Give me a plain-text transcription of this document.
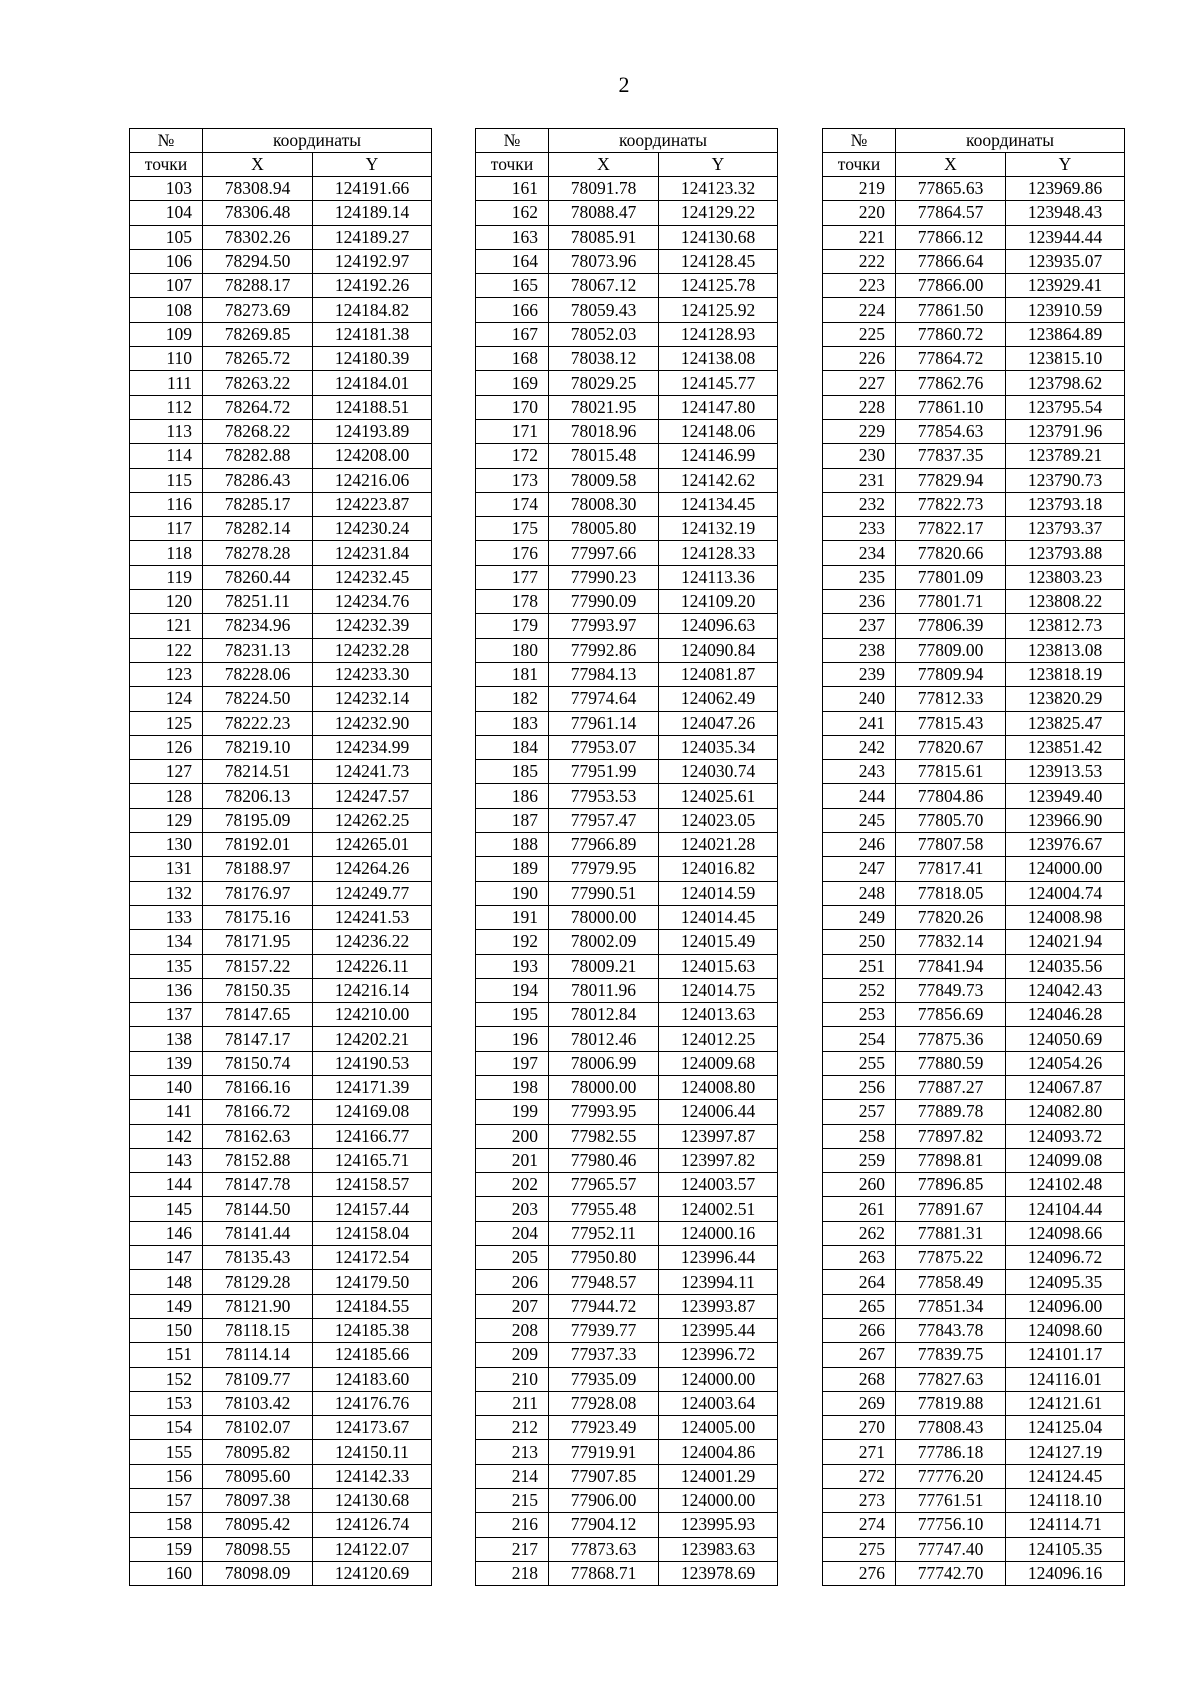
2
№	координаты	
точки	X	Y
103	78308.94	124191.66
104	78306.48	124189.14
105	78302.26	124189.27
106	78294.50	124192.97
107	78288.17	124192.26
108	78273.69	124184.82
109	78269.85	124181.38
110	78265.72	124180.39
111	78263.22	124184.01
112	78264.72	124188.51
113	78268.22	124193.89
114	78282.88	124208.00
115	78286.43	124216.06
116	78285.17	124223.87
117	78282.14	124230.24
118	78278.28	124231.84
119	78260.44	124232.45
120	78251.11	124234.76
121	78234.96	124232.39
122	78231.13	124232.28
123	78228.06	124233.30
124	78224.50	124232.14
125	78222.23	124232.90
126	78219.10	124234.99
127	78214.51	124241.73
128	78206.13	124247.57
129	78195.09	124262.25
130	78192.01	124265.01
131	78188.97	124264.26
132	78176.97	124249.77
133	78175.16	124241.53
134	78171.95	124236.22
135	78157.22	124226.11
136	78150.35	124216.14
137	78147.65	124210.00
138	78147.17	124202.21
139	78150.74	124190.53
140	78166.16	124171.39
141	78166.72	124169.08
142	78162.63	124166.77
143	78152.88	124165.71
144	78147.78	124158.57
145	78144.50	124157.44
146	78141.44	124158.04
147	78135.43	124172.54
148	78129.28	124179.50
149	78121.90	124184.55
150	78118.15	124185.38
151	78114.14	124185.66
152	78109.77	124183.60
153	78103.42	124176.76
154	78102.07	124173.67
155	78095.82	124150.11
156	78095.60	124142.33
157	78097.38	124130.68
158	78095.42	124126.74
159	78098.55	124122.07
160	78098.09	124120.69
№	координаты	
точки	X	Y
161	78091.78	124123.32
162	78088.47	124129.22
163	78085.91	124130.68
164	78073.96	124128.45
165	78067.12	124125.78
166	78059.43	124125.92
167	78052.03	124128.93
168	78038.12	124138.08
169	78029.25	124145.77
170	78021.95	124147.80
171	78018.96	124148.06
172	78015.48	124146.99
173	78009.58	124142.62
174	78008.30	124134.45
175	78005.80	124132.19
176	77997.66	124128.33
177	77990.23	124113.36
178	77990.09	124109.20
179	77993.97	124096.63
180	77992.86	124090.84
181	77984.13	124081.87
182	77974.64	124062.49
183	77961.14	124047.26
184	77953.07	124035.34
185	77951.99	124030.74
186	77953.53	124025.61
187	77957.47	124023.05
188	77966.89	124021.28
189	77979.95	124016.82
190	77990.51	124014.59
191	78000.00	124014.45
192	78002.09	124015.49
193	78009.21	124015.63
194	78011.96	124014.75
195	78012.84	124013.63
196	78012.46	124012.25
197	78006.99	124009.68
198	78000.00	124008.80
199	77993.95	124006.44
200	77982.55	123997.87
201	77980.46	123997.82
202	77965.57	124003.57
203	77955.48	124002.51
204	77952.11	124000.16
205	77950.80	123996.44
206	77948.57	123994.11
207	77944.72	123993.87
208	77939.77	123995.44
209	77937.33	123996.72
210	77935.09	124000.00
211	77928.08	124003.64
212	77923.49	124005.00
213	77919.91	124004.86
214	77907.85	124001.29
215	77906.00	124000.00
216	77904.12	123995.93
217	77873.63	123983.63
218	77868.71	123978.69
№	координаты	
точки	X	Y
219	77865.63	123969.86
220	77864.57	123948.43
221	77866.12	123944.44
222	77866.64	123935.07
223	77866.00	123929.41
224	77861.50	123910.59
225	77860.72	123864.89
226	77864.72	123815.10
227	77862.76	123798.62
228	77861.10	123795.54
229	77854.63	123791.96
230	77837.35	123789.21
231	77829.94	123790.73
232	77822.73	123793.18
233	77822.17	123793.37
234	77820.66	123793.88
235	77801.09	123803.23
236	77801.71	123808.22
237	77806.39	123812.73
238	77809.00	123813.08
239	77809.94	123818.19
240	77812.33	123820.29
241	77815.43	123825.47
242	77820.67	123851.42
243	77815.61	123913.53
244	77804.86	123949.40
245	77805.70	123966.90
246	77807.58	123976.67
247	77817.41	124000.00
248	77818.05	124004.74
249	77820.26	124008.98
250	77832.14	124021.94
251	77841.94	124035.56
252	77849.73	124042.43
253	77856.69	124046.28
254	77875.36	124050.69
255	77880.59	124054.26
256	77887.27	124067.87
257	77889.78	124082.80
258	77897.82	124093.72
259	77898.81	124099.08
260	77896.85	124102.48
261	77891.67	124104.44
262	77881.31	124098.66
263	77875.22	124096.72
264	77858.49	124095.35
265	77851.34	124096.00
266	77843.78	124098.60
267	77839.75	124101.17
268	77827.63	124116.01
269	77819.88	124121.61
270	77808.43	124125.04
271	77786.18	124127.19
272	77776.20	124124.45
273	77761.51	124118.10
274	77756.10	124114.71
275	77747.40	124105.35
276	77742.70	124096.16
